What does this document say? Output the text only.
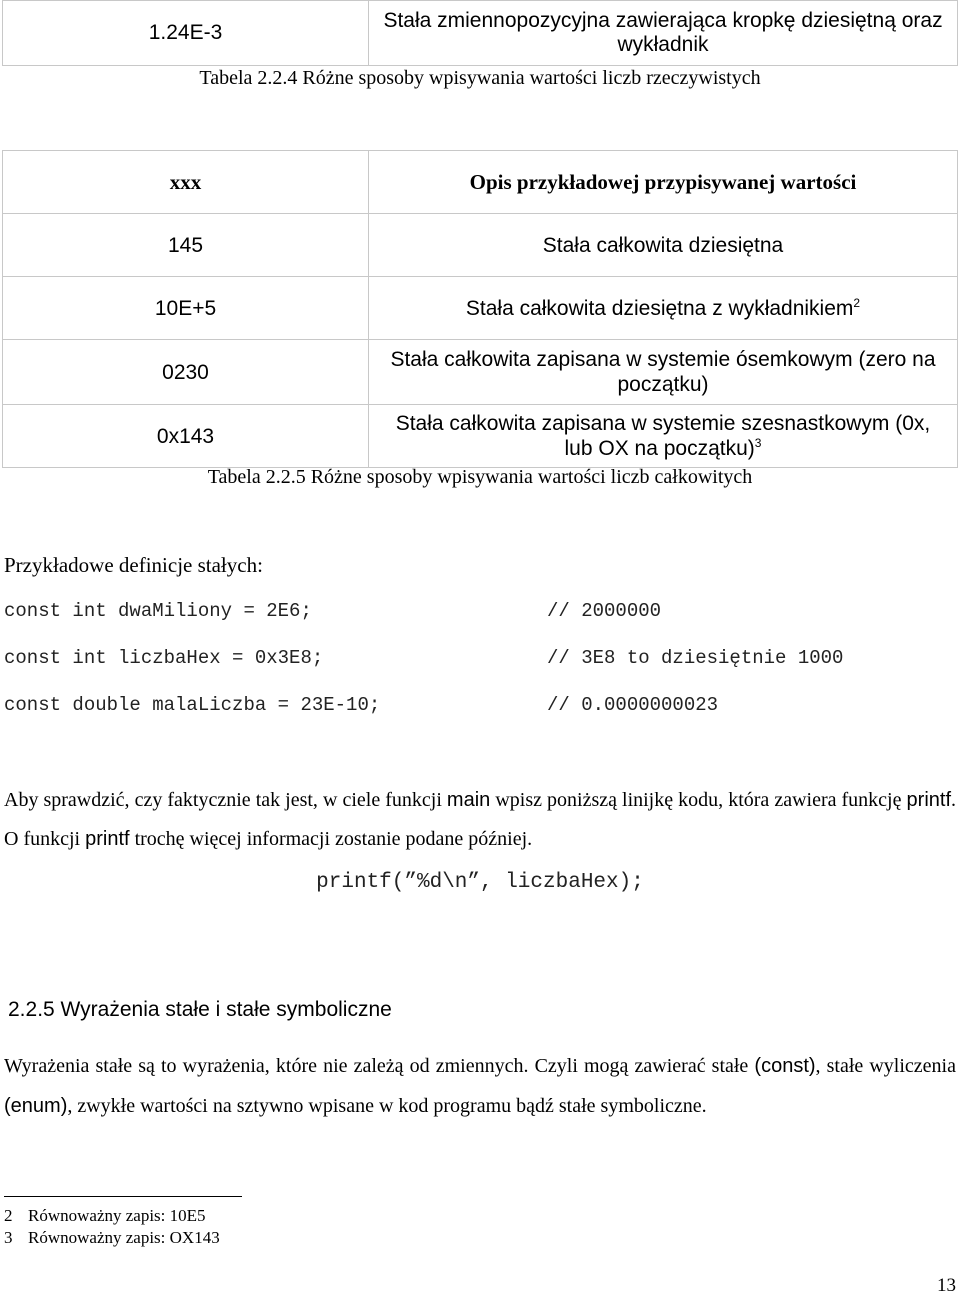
1.24E-3	Stała zmiennopozycyjna zawierająca kropkę dziesiętną oraz wykładnik
Tabela 2.2.4 Różne sposoby wpisywania wartości liczb rzeczywistych
xxx	Opis przykładowej przypisywanej wartości
145	Stała całkowita dziesiętna
10E+5	Stała całkowita dziesiętna z wykładnikiem$^2$
0230	Stała całkowita zapisana w systemie ósemkowym (zero na początku)
0x143	Stała całkowita zapisana w systemie szesnastkowym (0x, lub OX na początku)$^3$
Tabela 2.2.5 Różne sposoby wpisywania wartości liczb całkowitych
Przykładowe definicje stałych:
const int dwaMiliony = 2E6;	// 2000000
const int liczbaHex = 0x3E8;	// 3E8 to dziesiętnie 1000
const double malaLiczba = 23E-10;	// 0.0000000023
Aby sprawdzić, czy faktycznie tak jest, w ciele funkcji main wpisz poniższą linijkę kodu, która zawiera funkcję printf. O funkcji printf trochę więcej informacji zostanie podane później.
printf(”%d\n”, liczbaHex);
2.2.5 Wyrażenia stałe i stałe symboliczne
Wyrażenia stałe są to wyrażenia, które nie zależą od zmiennych. Czyli mogą zawierać stałe (const), stałe wyliczenia (enum), zwykłe wartości na sztywno wpisane w kod programu bądź stałe symboliczne.
2 Równoważny zapis: 10E5
3 Równoważny zapis: OX143
13
